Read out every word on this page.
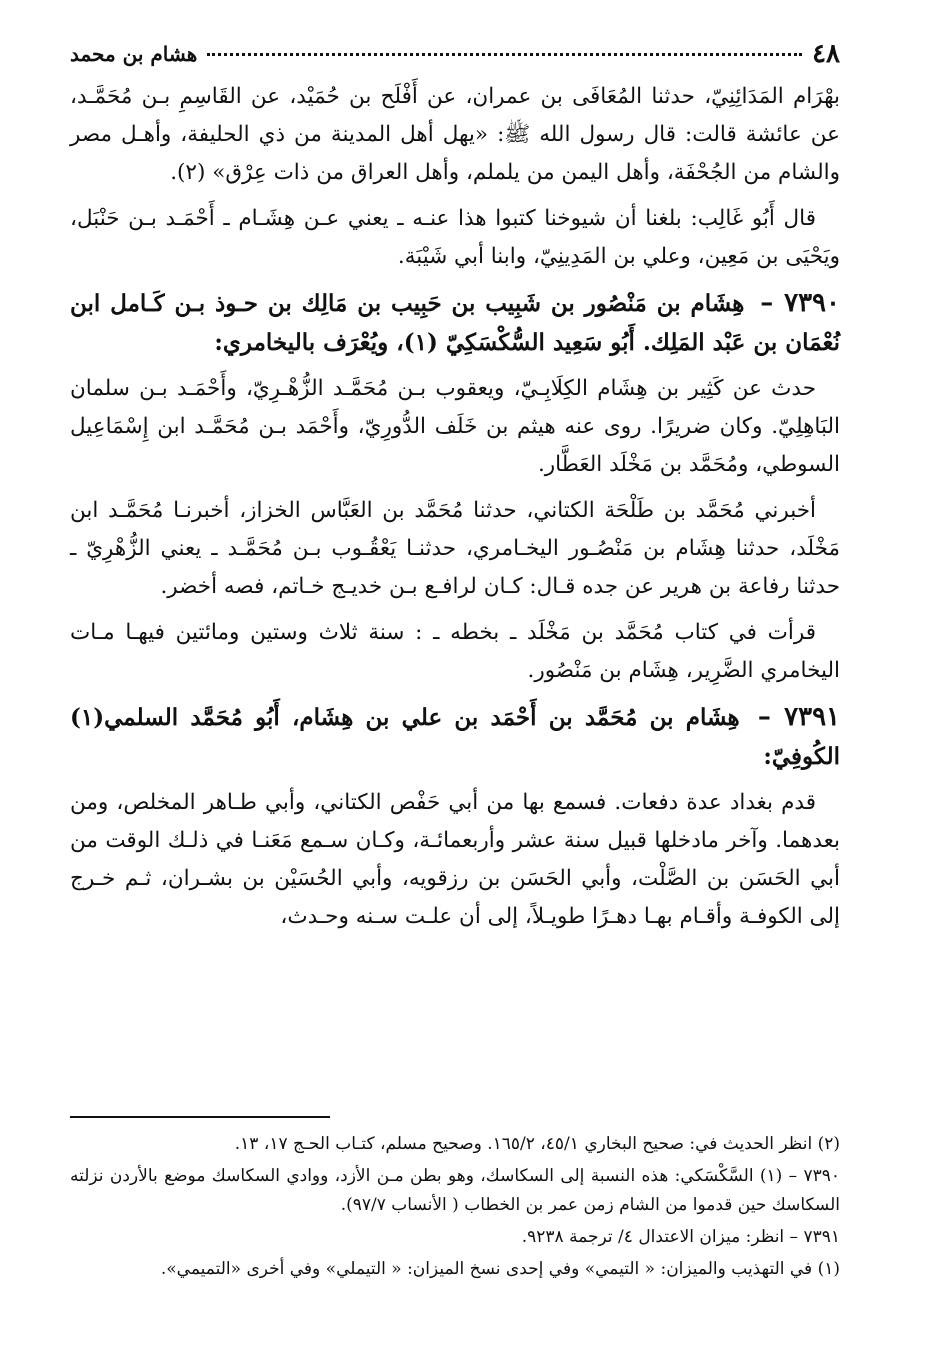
٤٨
هشام بن محمد

بهْرَام المَدَائِنِيّ، حدثنا المُعَافَى بن عمران، عن أَفْلَح بن حُمَيْد، عن القَاسِمِ بـن مُحَمَّـد، عن عائشة قالت: قال رسول الله ﷺ: «يهل أهل المدينة من ذي الحليفة، وأهـل مصر والشام من الجُحْفَة، وأهل اليمن من يلملم، وأهل العراق من ذات عِرْق» (٢).

قال أَبُو غَالِب: بلغنا أن شيوخنا كتبوا هذا عنـه ـ يعني عـن هِشَـام ـ أَحْمَـد بـن حَنْبَل، ويَحْيَى بن مَعِين، وعلي بن المَدِينِيّ، وابنا أبي شَيْبَة.

٧٣٩٠ – هِشَام بن مَنْصُور بن شَبِيب بن حَبِيب بن مَالِك بن حـوذ بـن كَـامل ابن نُعْمَان بن عَبْد المَلِك. أَبُو سَعِيد السُّكْسَكِيّ (١)، ويُعْرَف باليخامري:

حدث عن كَثِير بن هِشَام الكِلَابِـيّ، ويعقوب بـن مُحَمَّـد الزُّهْـرِيّ، وأَحْمَـد بـن سلمان البَاهِلِيّ. وكان ضريرًا. روى عنه هيثم بن خَلَف الدُّورِيّ، وأَحْمَد بـن مُحَمَّـد ابن إِسْمَاعِيل السوطي، ومُحَمَّد بن مَخْلَد العَطَّار.

أخبرني مُحَمَّد بن طَلْحَة الكتاني، حدثنا مُحَمَّد بن العَبَّاس الخزاز، أخبرنـا مُحَمَّـد ابن مَخْلَد، حدثنا هِشَام بن مَنْصُـور اليخـامري، حدثنـا يَعْقُـوب بـن مُحَمَّـد ـ يعني الزُّهْرِيّ ـ حدثنا رفاعة بن هرير عن جده قـال: كـان لرافـع بـن خديـج خـاتم، فصه أخضر.

قرأت في كتاب مُحَمَّد بن مَخْلَد ـ بخطه ـ : سنة ثلاث وستين ومائتين فيهـا مـات اليخامري الضَّرِير، هِشَام بن مَنْصُور.

٧٣٩١ – هِشَام بن مُحَمَّد بن أَحْمَد بن علي بن هِشَام، أَبُو مُحَمَّد السلمي(١) الكُوفِيّ:

قدم بغداد عدة دفعات. فسمع بها من أبي حَفْص الكتاني، وأبي طـاهر المخلص، ومن بعدهما. وآخر مادخلها قبيل سنة عشر وأربعمائـة، وكـان سـمع مَعَنـا في ذلـك الوقت من أبي الحَسَن بن الصَّلْت، وأبي الحَسَن بن رزقويه، وأبي الحُسَيْن بن بشـران، ثـم خـرج إلى الكوفـة وأقـام بهـا دهـرًا طويـلاً، إلى أن علـت سـنه وحـدث،

(٢) انظر الحديث في: صحيح البخاري ٤٥/١، ١٦٥/٢. وصحيح مسلم، كتـاب الحـج ١٧، ١٣.

٧٣٩٠ – (١) السَّكْسَكي: هذه النسبة إلى السكاسك، وهو بطن مـن الأزد، ووادي السكاسك موضع بالأردن نزلته السكاسك حين قدموا من الشام زمن عمر بن الخطاب ( الأنساب ٩٧/٧).

٧٣٩١ – انظر: ميزان الاعتدال ٤/ ترجمة ٩٢٣٨.

(١) في التهذيب والميزان: « التيمي» وفي إحدى نسخ الميزان: « التيملي» وفي أخرى «التميمي».
